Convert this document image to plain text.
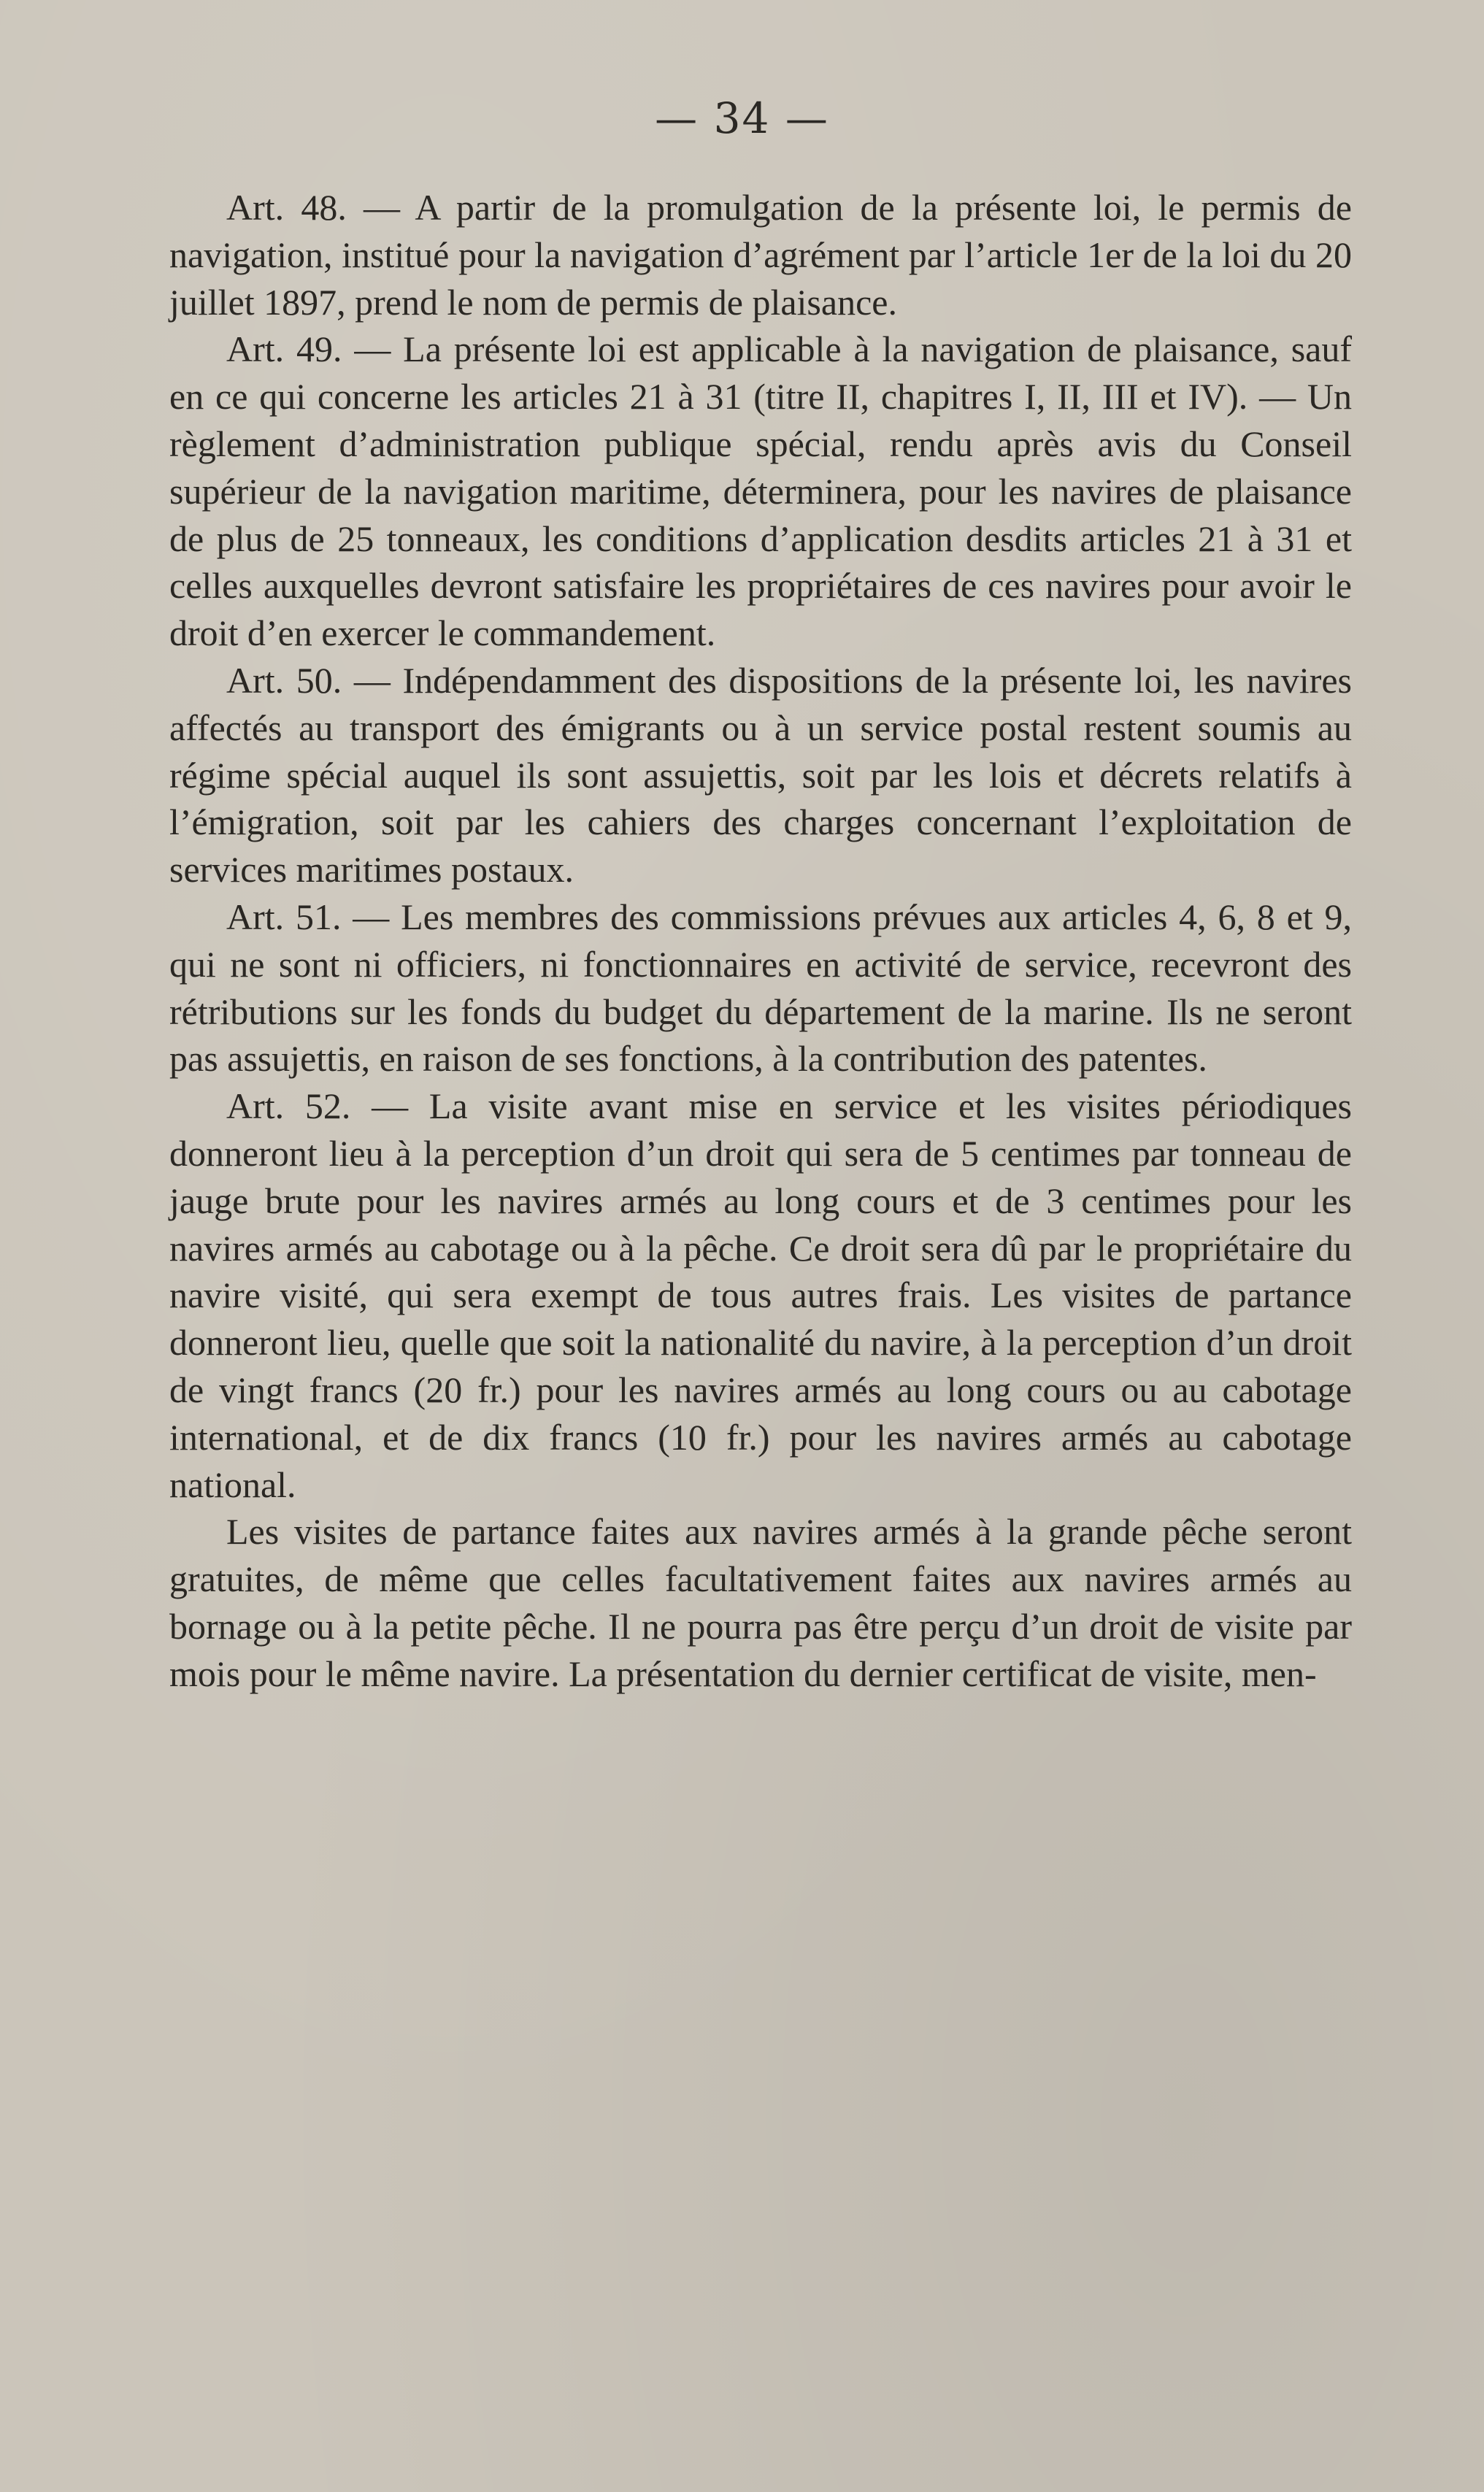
— 34 —

Art. 48. — A partir de la promulgation de la présente loi, le permis de navigation, institué pour la navigation d’agrément par l’article 1er de la loi du 20 juillet 1897, prend le nom de permis de plaisance.

Art. 49. — La présente loi est applicable à la navigation de plaisance, sauf en ce qui concerne les articles 21 à 31 (titre II, chapitres I, II, III et IV). — Un règlement d’administration publique spécial, rendu après avis du Conseil supérieur de la navigation maritime, déterminera, pour les navires de plaisance de plus de 25 tonneaux, les conditions d’application desdits articles 21 à 31 et celles auxquelles devront satisfaire les propriétaires de ces navires pour avoir le droit d’en exercer le commandement.

Art. 50. — Indépendamment des dispositions de la présente loi, les navires affectés au transport des émigrants ou à un service postal restent soumis au régime spécial auquel ils sont assujettis, soit par les lois et décrets relatifs à l’émigration, soit par les cahiers des charges concernant l’exploitation de services maritimes postaux.

Art. 51. — Les membres des commissions prévues aux articles 4, 6, 8 et 9, qui ne sont ni officiers, ni fonctionnaires en activité de service, recevront des rétributions sur les fonds du budget du département de la marine. Ils ne seront pas assujettis, en raison de ses fonctions, à la contribution des patentes.

Art. 52. — La visite avant mise en service et les visites périodiques donneront lieu à la perception d’un droit qui sera de 5 centimes par tonneau de jauge brute pour les navires armés au long cours et de 3 centimes pour les navires armés au cabotage ou à la pêche. Ce droit sera dû par le propriétaire du navire visité, qui sera exempt de tous autres frais. Les visites de partance donneront lieu, quelle que soit la nationalité du navire, à la perception d’un droit de vingt francs (20 fr.) pour les navires armés au long cours ou au cabotage international, et de dix francs (10 fr.) pour les navires armés au cabotage national.

Les visites de partance faites aux navires armés à la grande pêche seront gratuites, de même que celles facultativement faites aux navires armés au bornage ou à la petite pêche. Il ne pourra pas être perçu d’un droit de visite par mois pour le même navire. La présentation du dernier certificat de visite, men-
